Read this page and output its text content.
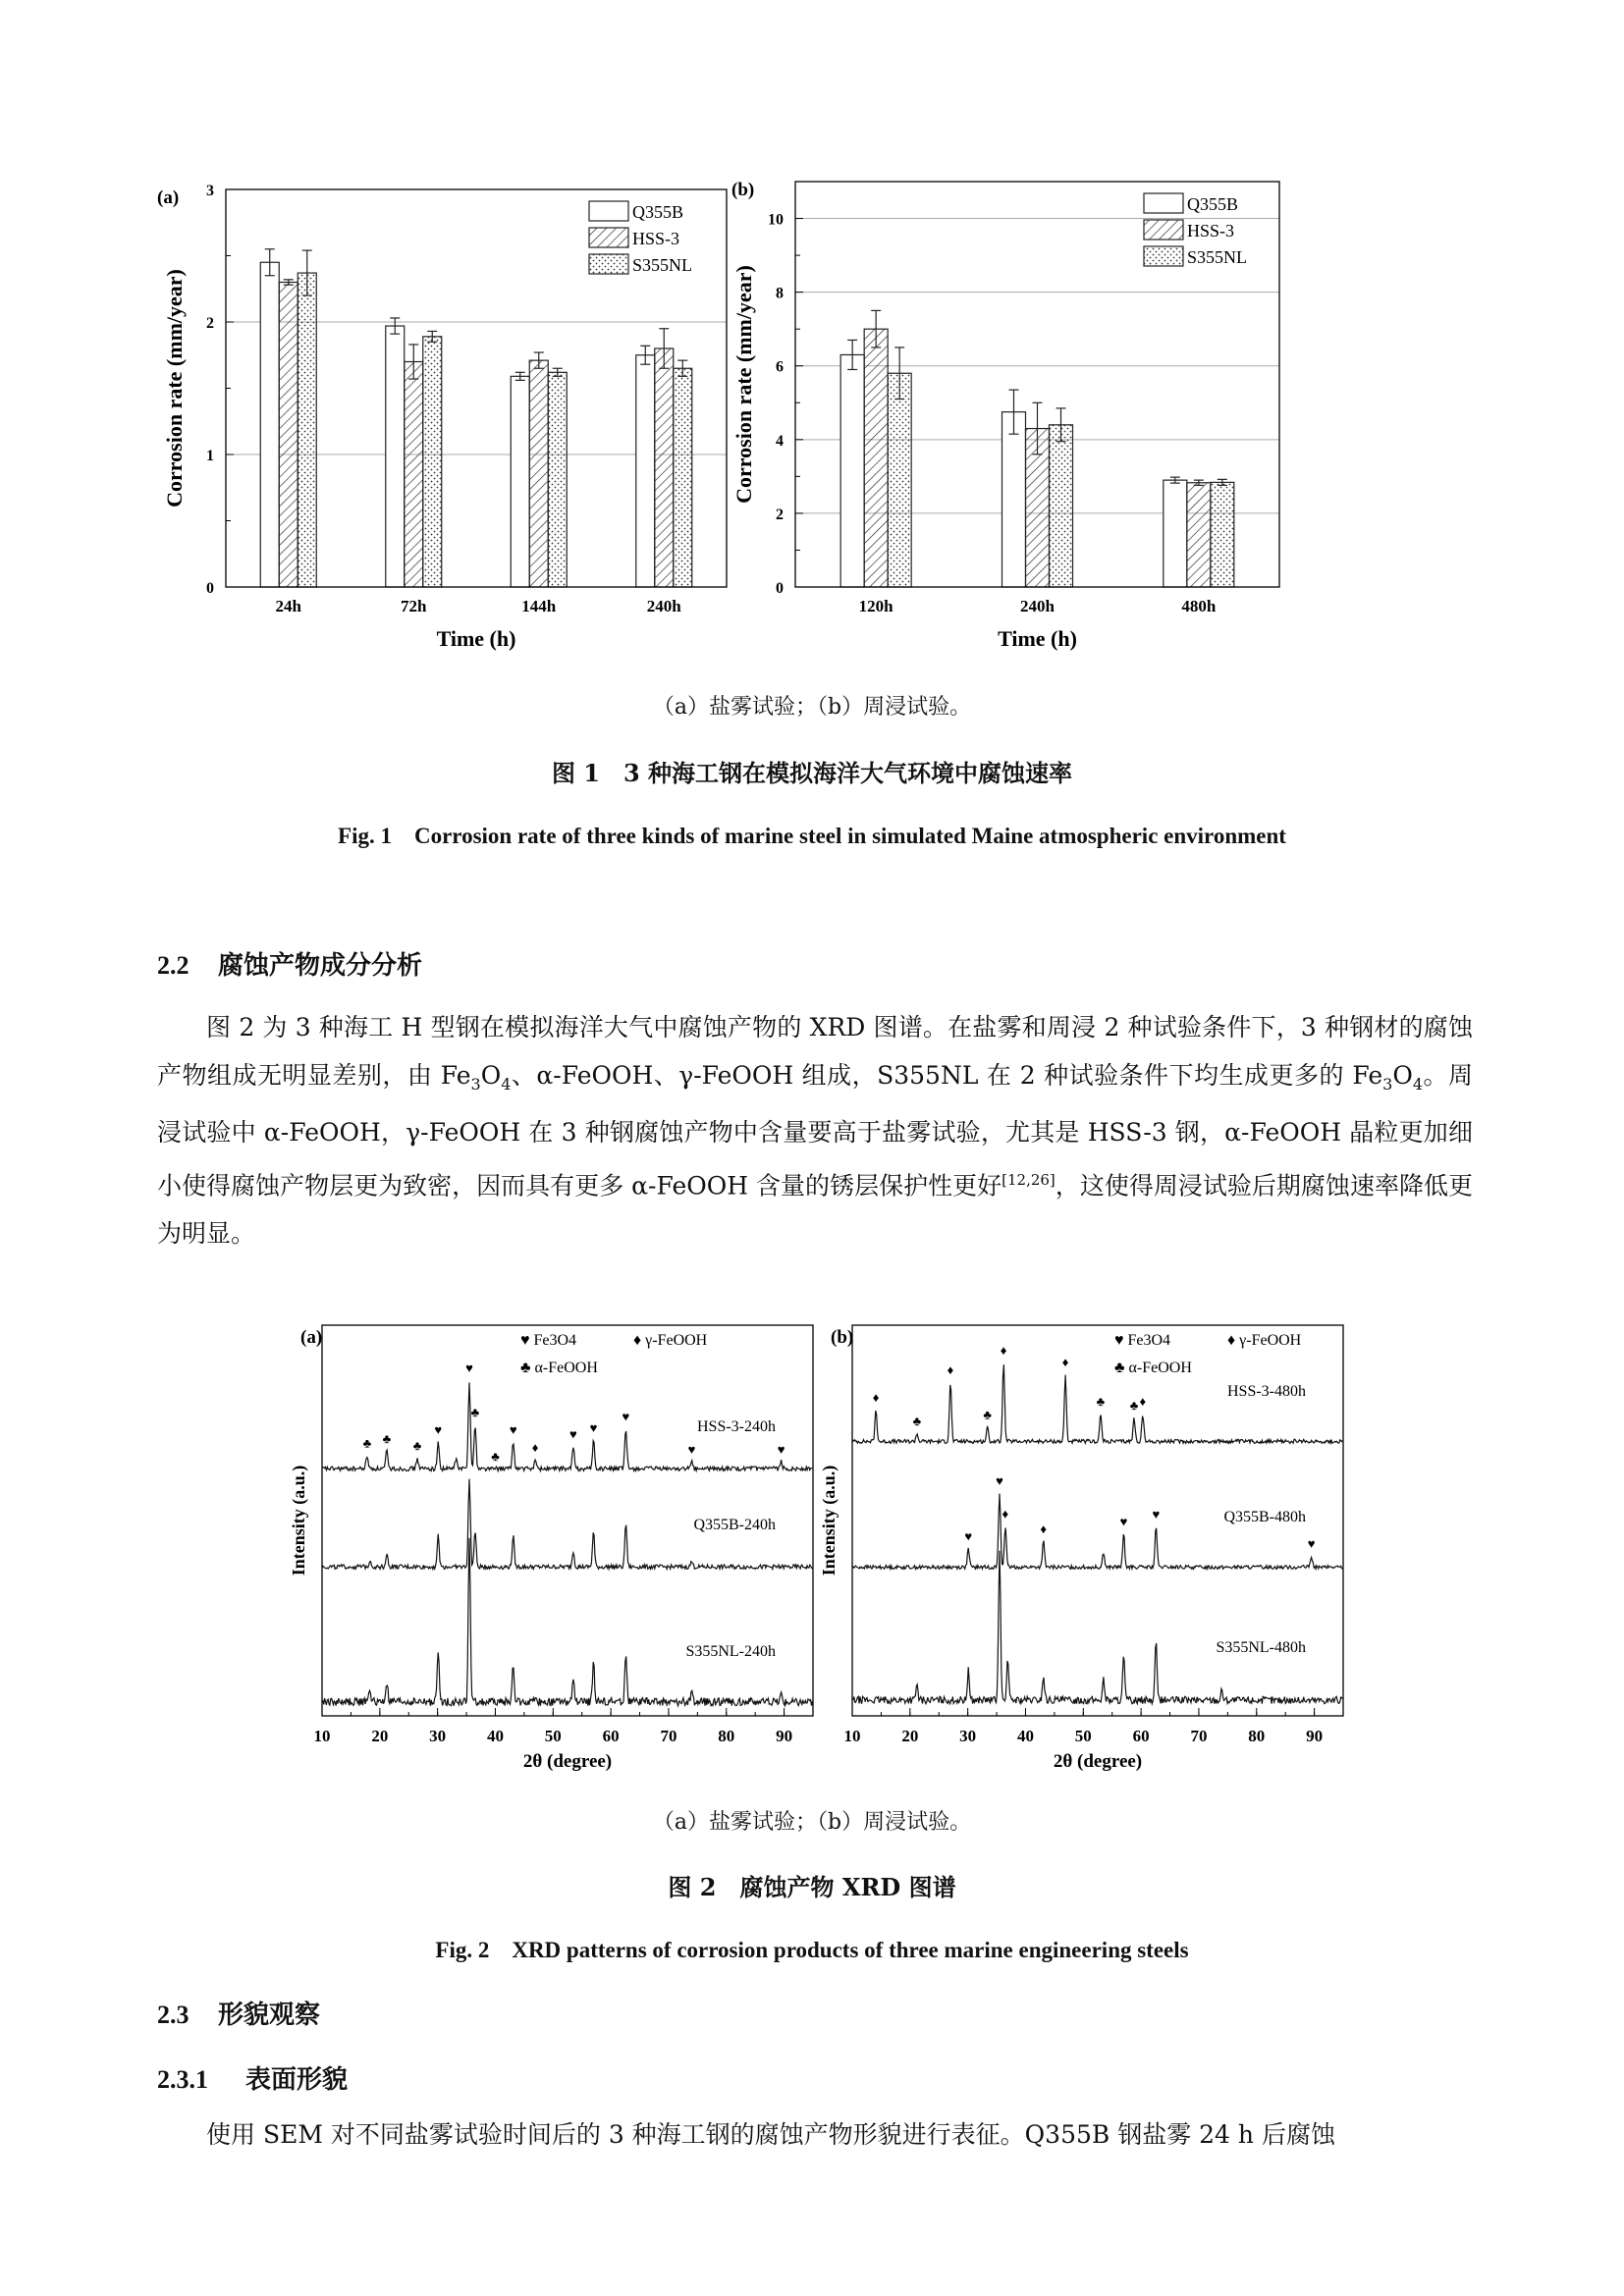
24h	72h	144h	240h
0
1
2
3
Time (h)
Corrosion rate (mm/year)
(a)
Q355B
HSS-3
S355NL
120h	240h	480h
0
2
4
6
8
10
Time (h)
Corrosion rate (mm/year)
(b)
Q355B
HSS-3
S355NL
（a）盐雾试验；（b）周浸试验。
图 1　3 种海工钢在模拟海洋大气环境中腐蚀速率
Fig. 1　Corrosion rate of three kinds of marine steel in simulated Maine atmospheric environment
2.2 腐蚀产物成分分析

图 2 为 3 种海工 H 型钢在模拟海洋大气中腐蚀产物的 XRD 图谱。在盐雾和周浸 2 种试验条件下，3 种钢材的腐蚀产物组成无明显差别，由 $Fe_3O_4$、α-FeOOH、γ-FeOOH 组成，S355NL 在 2 种试验条件下均生成更多的 $Fe_3O_4$。周浸试验中 α-FeOOH，γ-FeOOH 在 3 种钢腐蚀产物中含量要高于盐雾试验，尤其是 HSS-3 钢，α-FeOOH 晶粒更加细小使得腐蚀产物层更为致密，因而具有更多 α-FeOOH 含量的锈层保护性更好[12,26]，这使得周浸试验后期腐蚀速率降低更为明显。

10 20 30 40 50 60 70 80 90
2θ (degree)
Intensity (a.u.)
(a)
HSS-3-240h
Q355B-240h
S355NL-240h
♣ ♣ ♣
♥
♥
♣
♣
♥
♦
♥ ♥
♥
♥	♥
♥ Fe3O4	♦ γ-FeOOH
♣ α-FeOOH
10 20 30 40 50 60 70 80 90
2θ (degree)
Intensity (a.u.)
(b)
HSS-3-480h
Q355B-480h
S355NL-480h
♦
♣
♦
♣
♦
♦
♣ ♣ ♦
♥
♥
♦
♦	♥ ♥
♥
♥ Fe3O4	♦ γ-FeOOH
♣ α-FeOOH
（a）盐雾试验；（b）周浸试验。
图 2　腐蚀产物 XRD 图谱
Fig. 2　XRD patterns of corrosion products of three marine engineering steels
2.3 形貌观察
2.3.1 表面形貌

使用 SEM 对不同盐雾试验时间后的 3 种海工钢的腐蚀产物形貌进行表征。Q355B 钢盐雾 24 h 后腐蚀
